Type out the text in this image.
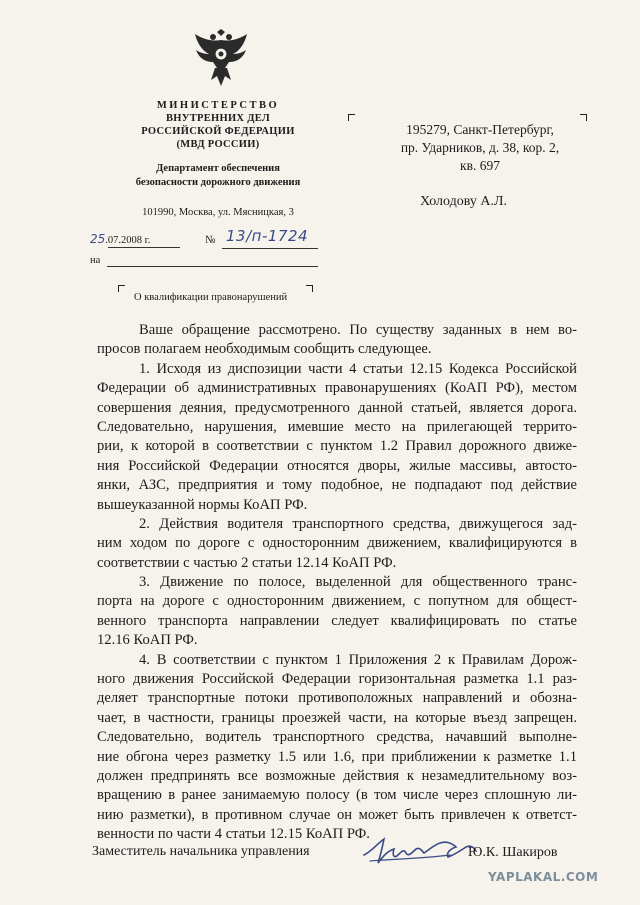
МИНИСТЕРСТВО
ВНУТРЕННИХ ДЕЛ
РОССИЙСКОЙ ФЕДЕРАЦИИ
(МВД РОССИИ)
Департамент обеспечения
безопасности дорожного движения
101990, Москва, ул. Мясницкая, 3
25.07.2008 г.	№ 13/п-1724
на
195279, Санкт-Петербург,
пр. Ударников, д. 38, кор. 2,
кв. 697
Холодову А.Л.
О квалификации правонарушений
Ваше обращение рассмотрено. По существу заданных в нем во-
просов полагаем необходимым сообщить следующее.
1. Исходя из диспозиции части 4 статьи 12.15 Кодекса Российской
Федерации об административных правонарушениях (КоАП РФ), местом
совершения деяния, предусмотренного данной статьей, является дорога.
Следовательно, нарушения, имевшие место на прилегающей террито-
рии, к которой в соответствии с пунктом 1.2 Правил дорожного движе-
ния Российской Федерации относятся дворы, жилые массивы, автосто-
янки, АЗС, предприятия и тому подобное, не подпадают под действие
вышеуказанной нормы КоАП РФ.
2. Действия водителя транспортного средства, движущегося зад-
ним ходом по дороге с односторонним движением, квалифицируются в
соответствии с частью 2 статьи 12.14 КоАП РФ.
3. Движение по полосе, выделенной для общественного транс-
порта на дороге с односторонним движением, с попутном для общест-
венного транспорта направлении следует квалифицировать по статье
12.16 КоАП РФ.
4. В соответствии с пунктом 1 Приложения 2 к Правилам Дорож-
ного движения Российской Федерации горизонтальная разметка 1.1 раз-
деляет транспортные потоки противоположных направлений и обозна-
чает, в частности, границы проезжей части, на которые въезд запрещен.
Следовательно, водитель транспортного средства, начавший выполне-
ние обгона через разметку 1.5 или 1.6, при приближении к разметке 1.1
должен предпринять все возможные действия к незамедлительному воз-
вращению в ранее занимаемую полосу (в том числе через сплошную ли-
нию разметки), в противном случае он может быть привлечен к ответст-
венности по части 4 статьи 12.15 КоАП РФ.
Заместитель начальника управления	Ю.К. Шакиров
YAPLAKAL.COM
